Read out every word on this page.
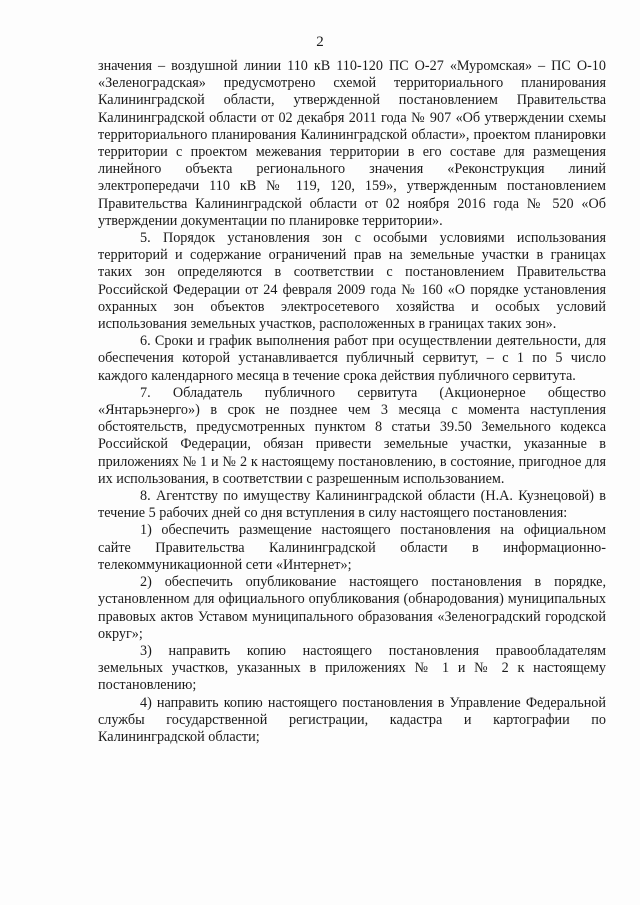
2

значения – воздушной линии 110 кВ 110-120 ПС О-27 «Муромская» – ПС О-10 «Зеленоградская» предусмотрено схемой территориального планирования Калининградской области, утвержденной постановлением Правительства Калининградской области от 02 декабря 2011 года № 907 «Об утверждении схемы территориального планирования Калининградской области», проектом планировки территории с проектом межевания территории в его составе для размещения линейного объекта регионального значения «Реконструкция линий электропередачи 110 кВ № 119, 120, 159», утвержденным постановлением Правительства Калининградской области от 02 ноября 2016 года № 520 «Об утверждении документации по планировке территории».

5. Порядок установления зон с особыми условиями использования территорий и содержание ограничений прав на земельные участки в границах таких зон определяются в соответствии с постановлением Правительства Российской Федерации от 24 февраля 2009 года № 160 «О порядке установления охранных зон объектов электросетевого хозяйства и особых условий использования земельных участков, расположенных в границах таких зон».

6. Сроки и график выполнения работ при осуществлении деятельности, для обеспечения которой устанавливается публичный сервитут, – с 1 по 5 число каждого календарного месяца в течение срока действия публичного сервитута.

7. Обладатель публичного сервитута (Акционерное общество «Янтарьэнерго») в срок не позднее чем 3 месяца с момента наступления обстоятельств, предусмотренных пунктом 8 статьи 39.50 Земельного кодекса Российской Федерации, обязан привести земельные участки, указанные в приложениях № 1 и № 2 к настоящему постановлению, в состояние, пригодное для их использования, в соответствии с разрешенным использованием.

8. Агентству по имуществу Калининградской области (Н.А. Кузнецовой) в течение 5 рабочих дней со дня вступления в силу настоящего постановления:

1) обеспечить размещение настоящего постановления на официальном сайте Правительства Калининградской области в информационно-телекоммуникационной сети «Интернет»;

2) обеспечить опубликование настоящего постановления в порядке, установленном для официального опубликования (обнародования) муниципальных правовых актов Уставом муниципального образования «Зеленоградский городской округ»;

3) направить копию настоящего постановления правообладателям земельных участков, указанных в приложениях № 1 и № 2 к настоящему постановлению;

4) направить копию настоящего постановления в Управление Федеральной службы государственной регистрации, кадастра и картографии по Калининградской области;
